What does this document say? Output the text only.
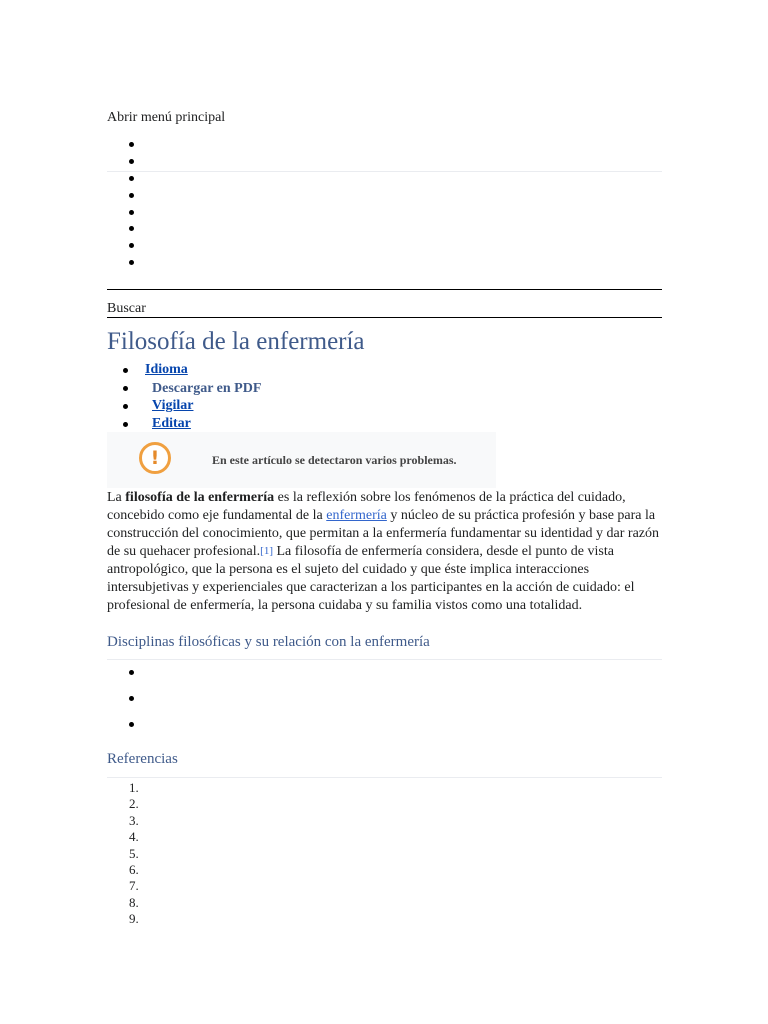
Abrir menú principal
Buscar
Filosofía de la enfermería
Idioma
Descargar en PDF
Vigilar
Editar
!	En este artículo se detectaron varios problemas.

La filosofía de la enfermería es la reflexión sobre los fenómenos de la práctica del cuidado, concebido como eje fundamental de la enfermería y núcleo de su práctica profesión y base para la construcción del conocimiento, que permitan a la enfermería fundamentar su identidad y dar razón de su quehacer profesional.[1] La filosofía de enfermería considera, desde el punto de vista antropológico, que la persona es el sujeto del cuidado y que éste implica interacciones intersubjetivas y experienciales que caracterizan a los participantes en la acción de cuidado: el profesional de enfermería, la persona cuidaba y su familia vistos como una totalidad.

Disciplinas filosóficas y su relación con la enfermería
Referencias
1.
2.
3.
4.
5.
6.
7.
8.
9.
